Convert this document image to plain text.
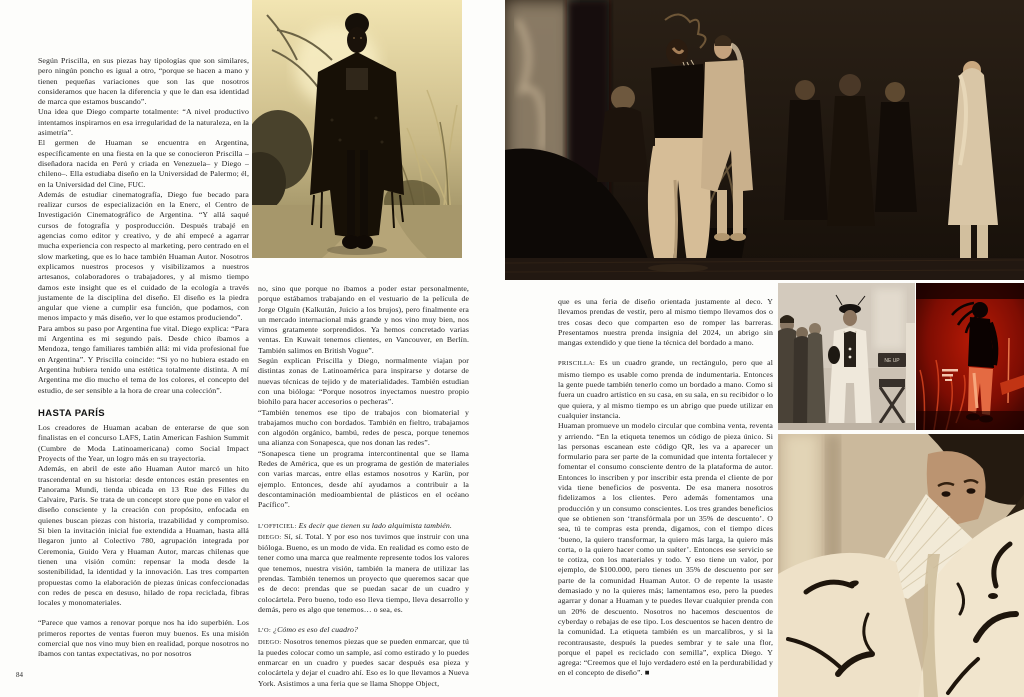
NE UP

Según Priscilla, en sus piezas hay tipologías que son similares, pero ningún poncho es igual a otro, “porque se hacen a mano y tienen pequeñas variaciones que son las que nosotros consideramos que hacen la diferencia y que le dan esa identidad de marca que estamos buscando”.

Una idea que Diego comparte totalmente: “A nivel productivo intentamos inspirarnos en esa irregularidad de la naturaleza, en la asimetría”.

El germen de Huaman se encuentra en Argentina, específicamente en una fiesta en la que se conocieron Priscilla –diseñadora nacida en Perú y criada en Venezuela– y Diego –chileno–. Ella estudiaba diseño en la Universidad de Palermo; él, en la Universidad del Cine, FUC.

Además de estudiar cinematografía, Diego fue becado para realizar cursos de especialización en la Enerc, el Centro de Investigación Cinematográfico de Argentina. “Y allá saqué cursos de fotografía y posproducción. Después trabajé en agencias como editor y creativo, y de ahí empecé a agarrar mucha experiencia con respecto al marketing, pero centrado en el slow marketing, que es lo hace también Huaman Autor. Nosotros explicamos nuestros procesos y visibilizamos a nuestros artesanos, colaboradores o trabajadores, y al mismo tiempo damos este insight que es el cuidado de la ecología a través justamente de la disciplina del diseño. El diseño es la piedra angular que viene a cumplir esa función, que podamos, con menos impacto y más diseño, ver lo que estamos produciendo”.

Para ambos su paso por Argentina fue vital. Diego explica: “Para mí Argentina es mi segundo país. Desde chico íbamos a Mendoza, tengo familiares también allá: mi vida profesional fue en Argentina”. Y Priscilla coincide: “Si yo no hubiera estado en Argentina hubiera tenido una estética totalmente distinta. A mí Argentina me dio mucho el tema de los colores, el concepto del estudio, de ser sensible a la hora de crear una colección”.

HASTA PARÍS

Los creadores de Huaman acaban de enterarse de que son finalistas en el concurso LAFS, Latin American Fashion Summit (Cumbre de Moda Latinoamericana) como Social Impact Proyects of the Year, un logro más en su trayectoria.

Además, en abril de este año Huaman Autor marcó un hito trascendental en su historia: desde entonces están presentes en Panorama Mundi, tienda ubicada en 13 Rue des Filles du Calvaire, París. Se trata de un concept store que pone en valor el diseño consciente y la creación con propósito, enfocada en quienes buscan piezas con historia, trazabilidad y compromiso. Si bien la invitación inicial fue extendida a Huaman, hasta allá llegaron junto al Colectivo 780, agrupación integrada por Ceremonia, Guido Vera y Huaman Autor, marcas chilenas que tienen una visión común: repensar la moda desde la sostenibilidad, la identidad y la innovación. Las tres comparten propuestas como la elaboración de piezas únicas confeccionadas con redes de pesca en desuso, hilado de ropa reciclada, fibras locales y monomateriales.

“Parece que vamos a renovar porque nos ha ido superbién. Los primeros reportes de ventas fueron muy buenos. Es una misión comercial que nos vino muy bien en realidad, porque nosotros no íbamos con tantas expectativas, no por nosotros

no, sino que porque no íbamos a poder estar personalmente, porque estábamos trabajando en el vestuario de la película de Jorge Olguín (Kalkután, Juicio a los brujos), pero finalmente era un mercado internacional más grande y nos vino muy bien, nos vimos gratamente sorprendidos. Ya hemos concretado varias ventas. En Kuwait tenemos clientes, en Vancouver, en Berlín. También salimos en British Vogue”.

Según explican Priscilla y Diego, normalmente viajan por distintas zonas de Latinoamérica para inspirarse y dotarse de nuevas técnicas de tejido y de materialidades. También estudian con una bióloga: “Porque nosotros inyectamos nuestro propio biohilo para hacer accesorios o pecheras”.

“También tenemos ese tipo de trabajos con biomaterial y trabajamos mucho con bordados. También en fieltro, trabajamos con algodón orgánico, bambú, redes de pesca, porque tenemos una alianza con Sonapesca, que nos donan las redes”.

“Sonapesca tiene un programa intercontinental que se llama Redes de América, que es un programa de gestión de materiales con varias marcas, entre ellas estamos nosotros y Karün, por ejemplo. Entonces, desde ahí ayudamos a contribuir a la descontaminación medioambiental de plásticos en el océano Pacífico”.

L’OFFICIEL: Es decir que tienen su lado alquimista también.

DIEGO: Sí, sí. Total. Y por eso nos tuvimos que instruir con una bióloga. Bueno, es un modo de vida. En realidad es como esto de tener como una marca que realmente represente todos los valores que tenemos, nuestra visión, también la manera de utilizar las prendas. También tenemos un proyecto que queremos sacar que es de deco: prendas que se puedan sacar de un cuadro y colocártela. Pero bueno, todo eso lleva tiempo, lleva desarrollo y demás, pero es algo que tenemos… o sea, es.

L’O: ¿Cómo es eso del cuadro?

DIEGO: Nosotros tenemos piezas que se pueden enmarcar, que tú la puedes colocar como un sample, así como estirado y lo puedes enmarcar en un cuadro y puedes sacar después esa pieza y colocártela y dejar el cuadro ahí. Eso es lo que llevamos a Nueva York. Asistimos a una feria que se llama Shoppe Object,

que es una feria de diseño orientada justamente al deco. Y llevamos prendas de vestir, pero al mismo tiempo llevamos dos o tres cosas deco que comparten eso de romper las barreras. Presentamos nuestra prenda insignia del 2024, un abrigo sin mangas extendido y que tiene la técnica del bordado a mano.

PRISCILLA: Es un cuadro grande, un rectángulo, pero que al mismo tiempo es usable como prenda de indumentaria. Entonces la gente puede también tenerlo como un bordado a mano. Como si fuera un cuadro artístico en su casa, en su sala, en su recibidor o lo que quiera, y al mismo tiempo es un abrigo que puede utilizar en cualquier instancia.

Huaman promueve un modelo circular que combina venta, reventa y arriendo. “En la etiqueta tenemos un código de pieza único. Si las personas escanean este código QR, les va a aparecer un formulario para ser parte de la comunidad que intenta fortalecer y fomentar el consumo consciente dentro de la plataforma de autor. Entonces lo inscriben y por inscribir esta prenda el cliente de por vida tiene beneficios de posventa. De esa manera nosotros fidelizamos a los clientes. Pero además fomentamos una producción y un consumo conscientes. Los tres grandes beneficios que se obtienen son ‘transfórmala por un 35% de descuento’. O sea, tú te compras esta prenda, digamos, con el tiempo dices ‘bueno, la quiero transformar, la quiero más larga, la quiero más corta, o la quiero hacer como un suéter’. Entonces ese servicio se te cotiza, con los materiales y todo. Y eso tiene un valor, por ejemplo, de $100.000, pero tienes un 35% de descuento por ser parte de la comunidad Huaman Autor. O de repente la usaste demasiado y no la quieres más; lamentamos eso, pero la puedes agarrar y donar a Huaman y te puedes llevar cualquier prenda con un 20% de descuento. Nosotros no hacemos descuentos de cyberday o rebajas de ese tipo. Los descuentos se hacen dentro de la comunidad. La etiqueta también es un marcalibros, y si la recontrausaste, después la puedes sembrar y te sale una flor, porque el papel es reciclado con semilla”, explica Diego. Y agrega: “Creemos que el lujo verdadero esté en la perdurabilidad y en el concepto de diseño”. ■

84
